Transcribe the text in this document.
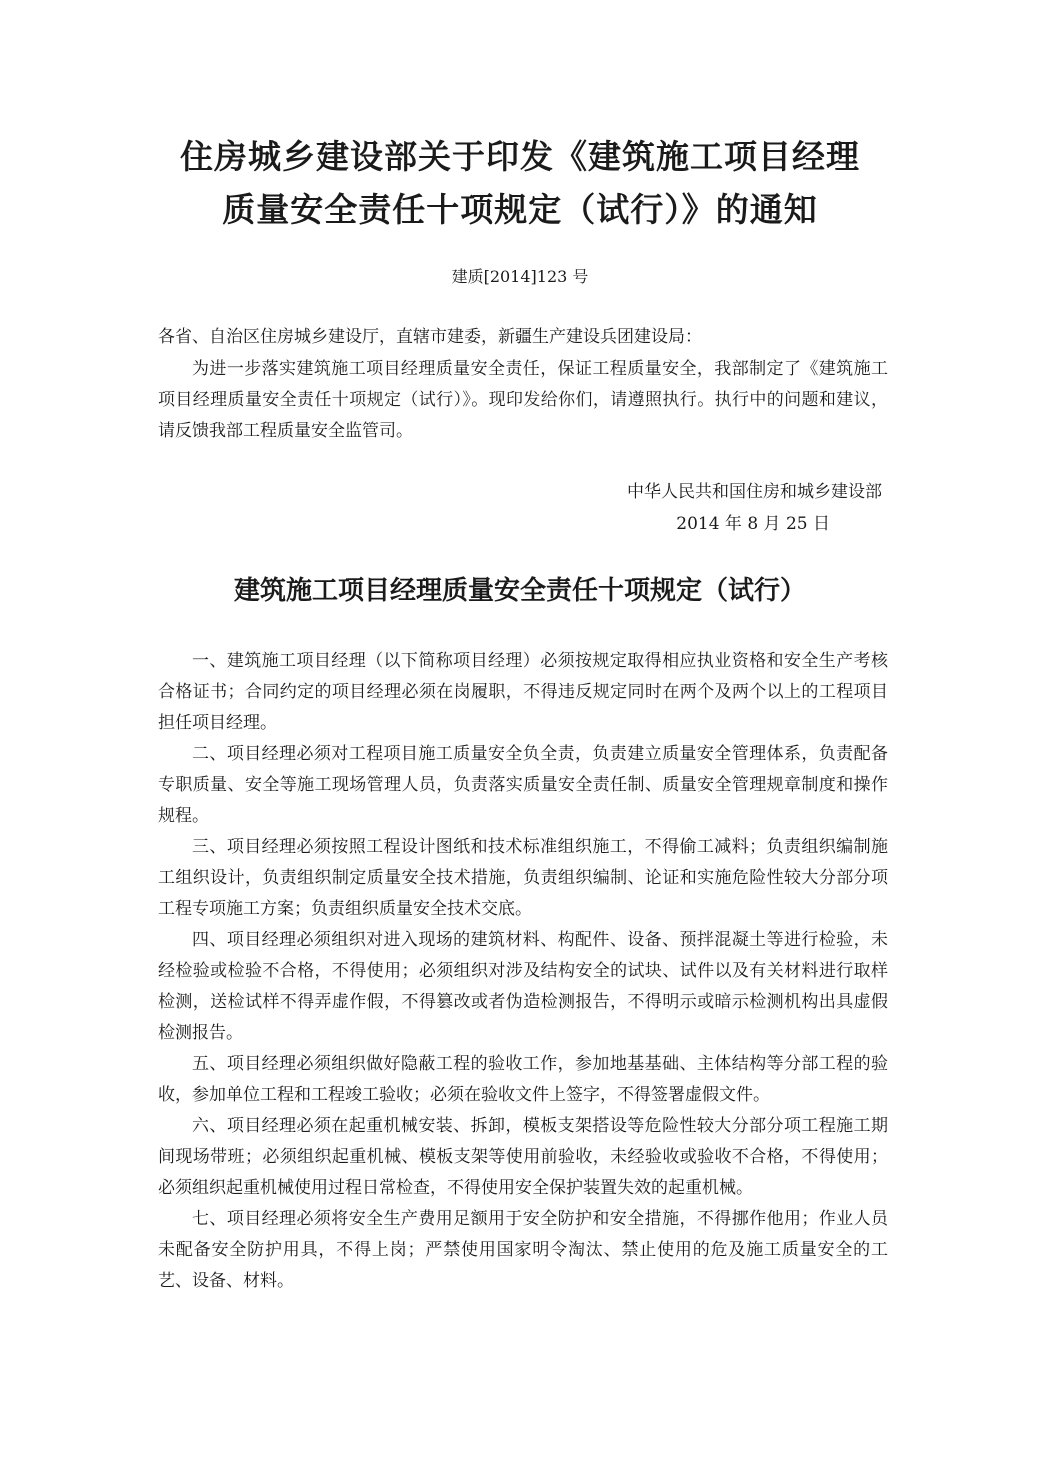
住房城乡建设部关于印发《建筑施工项目经理
质量安全责任十项规定（试行）》的通知
建质[2014]123 号
各省、自治区住房城乡建设厅，直辖市建委，新疆生产建设兵团建设局：
为进一步落实建筑施工项目经理质量安全责任，保证工程质量安全，我部制定了《建筑施工项目经理质量安全责任十项规定（试行）》。现印发给你们，请遵照执行。执行中的问题和建议，请反馈我部工程质量安全监管司。
中华人民共和国住房和城乡建设部
2014 年 8 月 25 日
建筑施工项目经理质量安全责任十项规定（试行）
一、建筑施工项目经理（以下简称项目经理）必须按规定取得相应执业资格和安全生产考核合格证书；合同约定的项目经理必须在岗履职，不得违反规定同时在两个及两个以上的工程项目担任项目经理。
二、项目经理必须对工程项目施工质量安全负全责，负责建立质量安全管理体系，负责配备专职质量、安全等施工现场管理人员，负责落实质量安全责任制、质量安全管理规章制度和操作规程。
三、项目经理必须按照工程设计图纸和技术标准组织施工，不得偷工减料；负责组织编制施工组织设计，负责组织制定质量安全技术措施，负责组织编制、论证和实施危险性较大分部分项工程专项施工方案；负责组织质量安全技术交底。
四、项目经理必须组织对进入现场的建筑材料、构配件、设备、预拌混凝土等进行检验，未经检验或检验不合格，不得使用；必须组织对涉及结构安全的试块、试件以及有关材料进行取样检测，送检试样不得弄虚作假，不得篡改或者伪造检测报告，不得明示或暗示检测机构出具虚假检测报告。
五、项目经理必须组织做好隐蔽工程的验收工作，参加地基基础、主体结构等分部工程的验收，参加单位工程和工程竣工验收；必须在验收文件上签字，不得签署虚假文件。
六、项目经理必须在起重机械安装、拆卸，模板支架搭设等危险性较大分部分项工程施工期间现场带班；必须组织起重机械、模板支架等使用前验收，未经验收或验收不合格，不得使用；必须组织起重机械使用过程日常检查，不得使用安全保护装置失效的起重机械。
七、项目经理必须将安全生产费用足额用于安全防护和安全措施，不得挪作他用；作业人员未配备安全防护用具，不得上岗；严禁使用国家明令淘汰、禁止使用的危及施工质量安全的工艺、设备、材料。
